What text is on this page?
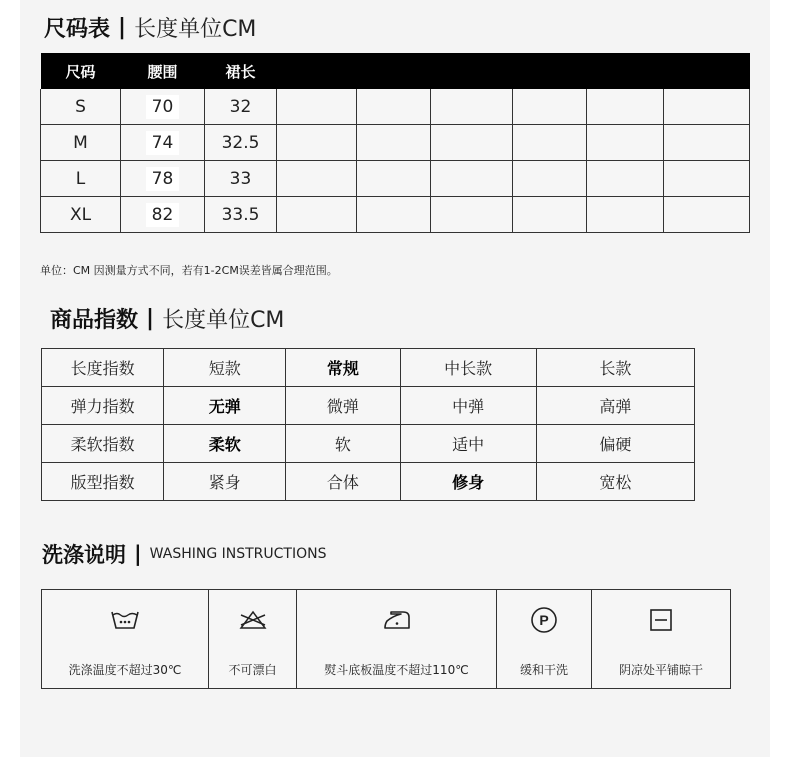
尺码表 | 长度单位CM
尺码	腰围	裙长						
S	70	32						
M	74	32.5						
L	78	33						
XL	82	33.5						
单位：CM 因测量方式不同，若有1-2CM误差皆属合理范围。
商品指数 | 长度单位CM
长度指数	短款	常规	中长款	长款
弹力指数	无弹	微弹	中弹	高弹
柔软指数	柔软	软	适中	偏硬
版型指数	紧身	合体	修身	宽松
洗涤说明 | WASHING INSTRUCTIONS

P

洗涤温度不超过30℃	不可漂白	熨斗底板温度不超过110℃	缓和干洗	阴凉处平铺晾干
